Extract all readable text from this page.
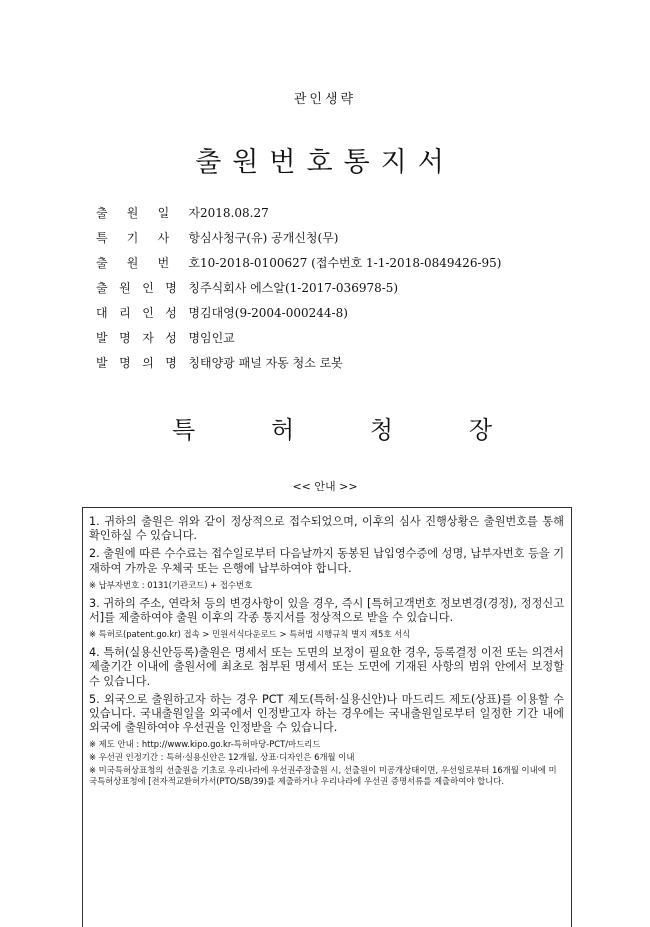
관인생략
출원번호통지서
출 원 일 자 2018.08.27
특 기 사 항 심사청구(유) 공개신청(무)
출 원 번 호 10-2018-0100627 (접수번호 1-1-2018-0849426-95)
출 원 인 명 칭 주식회사 에스알(1-2017-036978-5)
대 리 인 성 명 김대영(9-2004-000244-8)
발 명 자 성 명 임인교
발 명 의 명 칭 태양광 패널 자동 청소 로봇
특	허	청	장
<< 안내 >>

1. 귀하의 출원은 위와 같이 정상적으로 접수되었으며, 이후의 심사 진행상황은 출원번호를 통해 확인하실 수 있습니다.

2. 출원에 따른 수수료는 접수일로부터 다음날까지 동봉된 납입영수증에 성명, 납부자번호 등을 기재하여 가까운 우체국 또는 은행에 납부하여야 합니다.

※ 납부자번호 : 0131(기관코드) + 접수번호

3. 귀하의 주소, 연락처 등의 변경사항이 있을 경우, 즉시 [특허고객번호 정보변경(경정), 정정신고서]를 제출하여야 출원 이후의 각종 통지서를 정상적으로 받을 수 있습니다.

※ 특허로(patent.go.kr) 접속 > 민원서식다운로드 > 특허법 시행규칙 별지 제5호 서식

4. 특허(실용신안등록)출원은 명세서 또는 도면의 보정이 필요한 경우, 등록결정 이전 또는 의견서 제출기간 이내에 출원서에 최초로 첨부된 명세서 또는 도면에 기재된 사항의 범위 안에서 보정할 수 있습니다.

5. 외국으로 출원하고자 하는 경우 PCT 제도(특허·실용신안)나 마드리드 제도(상표)를 이용할 수 있습니다. 국내출원일을 외국에서 인정받고자 하는 경우에는 국내출원일로부터 일정한 기간 내에 외국에 출원하여야 우선권을 인정받을 수 있습니다.

※ 제도 안내 : http://www.kipo.go.kr-특허마당-PCT/마드리드

※ 우선권 인정기간 : 특허·실용신안은 12개월, 상표·디자인은 6개월 이내

※ 미국특허상표청의 선출원을 기초로 우리나라에 우선권주장출원 시, 선출원이 미공개상태이면, 우선일로부터 16개월 이내에 미국특허상표청에 [전자적교환허가서(PTO/SB/39)를 제출하거나 우리나라에 우선권 증명서류를 제출하여야 합니다.
